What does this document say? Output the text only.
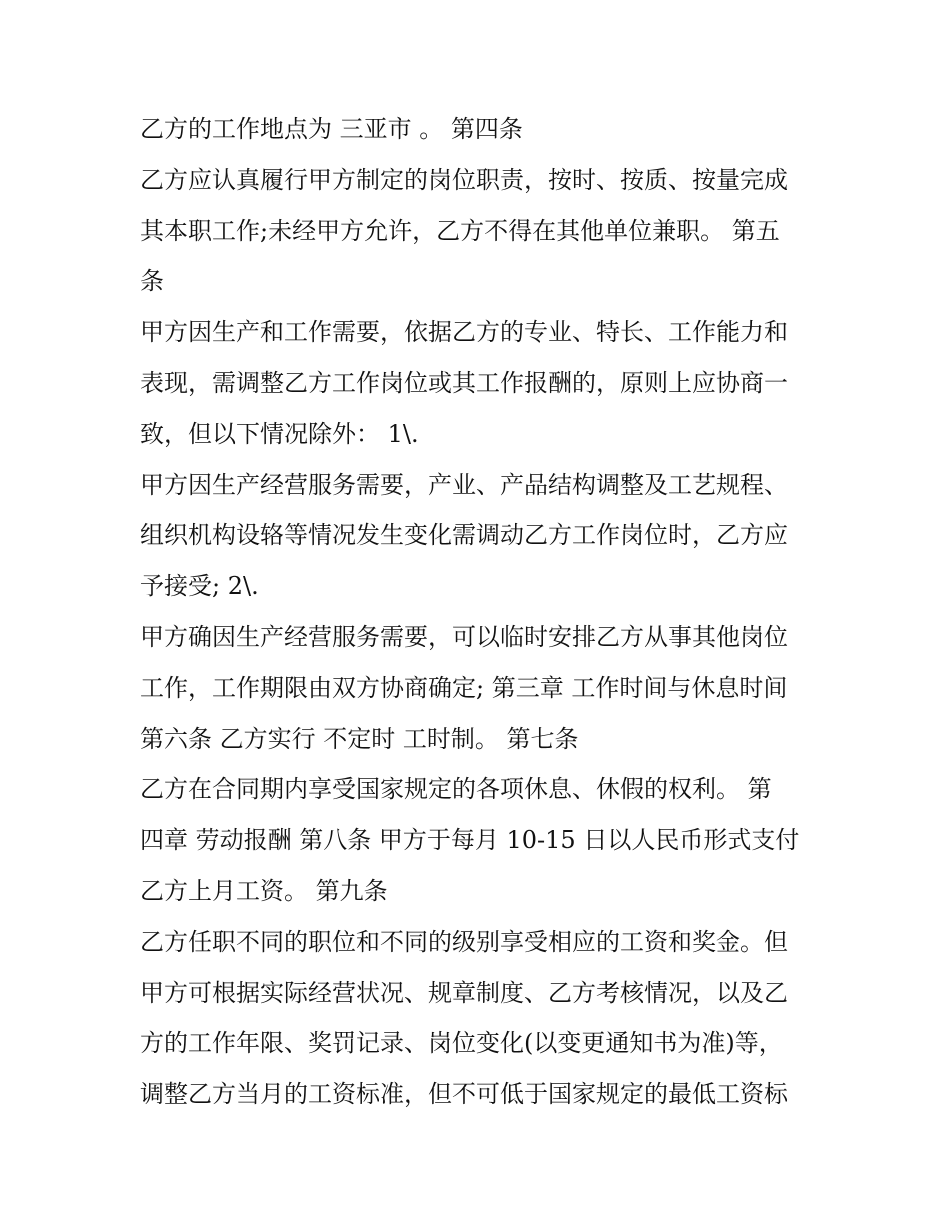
乙方的工作地点为 三亚市 。 第四条

乙方应认真履行甲方制定的岗位职责，按时、按质、按量完成

其本职工作;未经甲方允许，乙方不得在其他单位兼职。 第五

条

甲方因生产和工作需要，依据乙方的专业、特长、工作能力和

表现，需调整乙方工作岗位或其工作报酬的，原则上应协商一

致，但以下情况除外： 1\.

甲方因生产经营服务需要，产业、产品结构调整及工艺规程、

组织机构设辂等情况发生变化需调动乙方工作岗位时，乙方应

予接受; 2\.

甲方确因生产经营服务需要，可以临时安排乙方从事其他岗位

工作，工作期限由双方协商确定; 第三章 工作时间与休息时间

第六条 乙方实行 不定时 工时制。 第七条

乙方在合同期内享受国家规定的各项休息、休假的权利。 第

四章 劳动报酬 第八条 甲方于每月 10-15 日以人民币形式支付

乙方上月工资。 第九条

乙方任职不同的职位和不同的级别享受相应的工资和奖金。但

甲方可根据实际经营状况、规章制度、乙方考核情况，以及乙

方的工作年限、奖罚记录、岗位变化(以变更通知书为准)等，

调整乙方当月的工资标准，但不可低于国家规定的最低工资标
